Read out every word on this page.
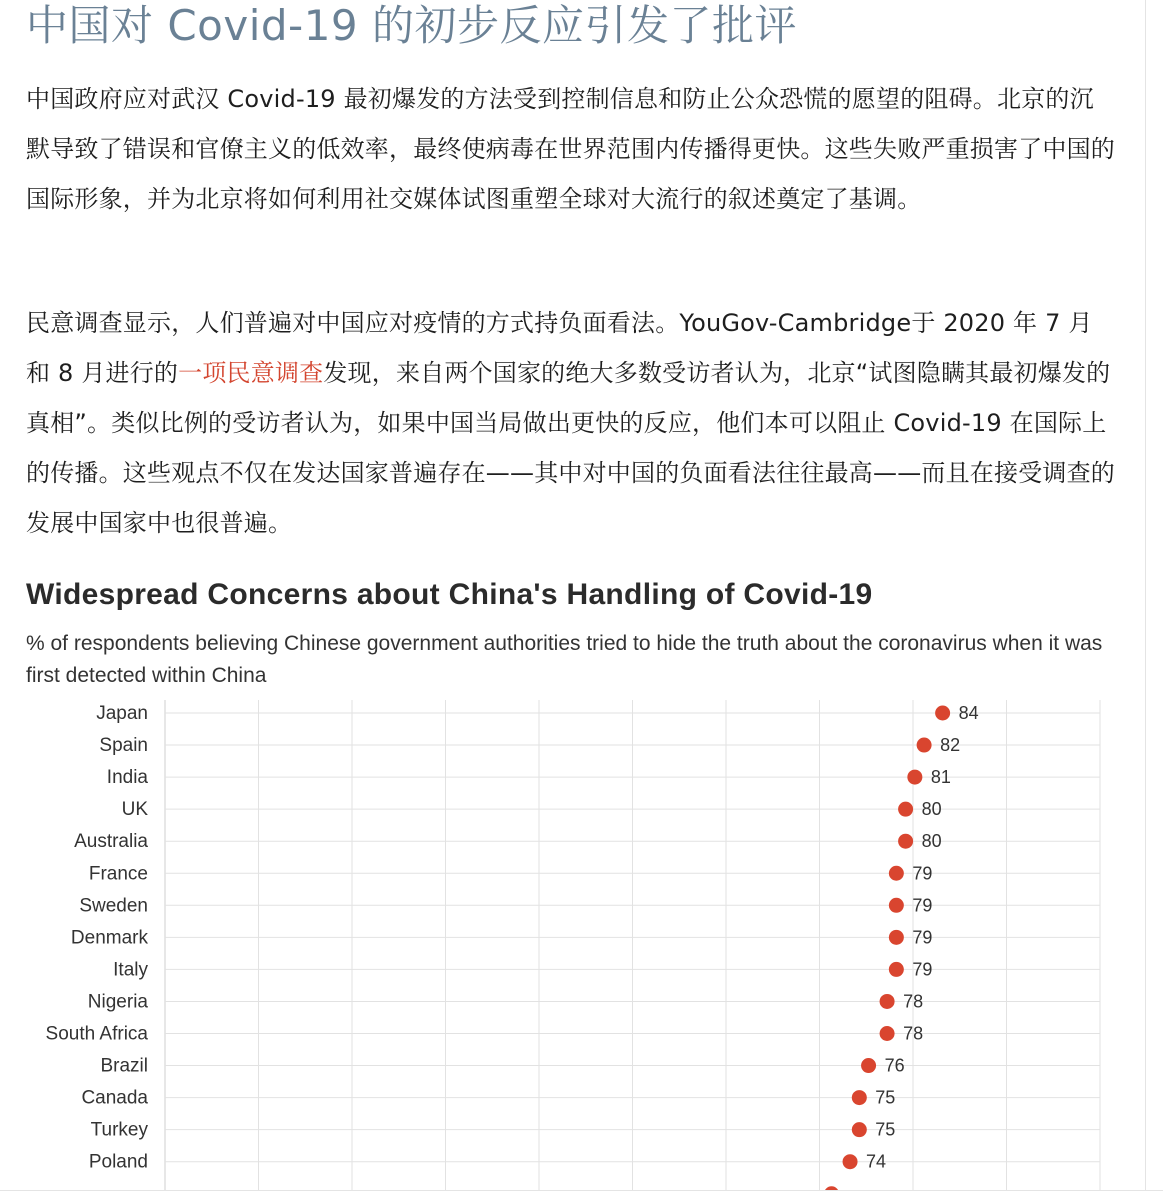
中国对 Covid-19 的初步反应引发了批评

中国政府应对武汉 Covid-19 最初爆发的方法受到控制信息和防止公众恐慌的愿望的阻碍。北京的沉默导致了错误和官僚主义的低效率，最终使病毒在世界范围内传播得更快。这些失败严重损害了中国的国际形象，并为北京将如何利用社交媒体试图重塑全球对大流行的叙述奠定了基调。

民意调查显示，人们普遍对中国应对疫情的方式持负面看法。YouGov-Cambridge于 2020 年 7 月和 8 月进行的一项民意调查发现，来自两个国家的绝大多数受访者认为，北京“试图隐瞒其最初爆发的真相”。类似比例的受访者认为，如果中国当局做出更快的反应，他们本可以阻止 Covid-19 在国际上的传播。这些观点不仅在发达国家普遍存在——其中对中国的负面看法往往最高——而且在接受调查的发展中国家中也很普遍。

Widespread Concerns about China's Handling of Covid-19

% of respondents believing Chinese government authorities tried to hide the truth about the coronavirus when it was first detected within China

Japan
Spain
India
UK
Australia
France
Sweden
Denmark
Italy
Nigeria
South Africa
Brazil
Canada
Turkey
Poland
84
82
81
80
80
79
79
79
79
78
78
76
75
75
74
